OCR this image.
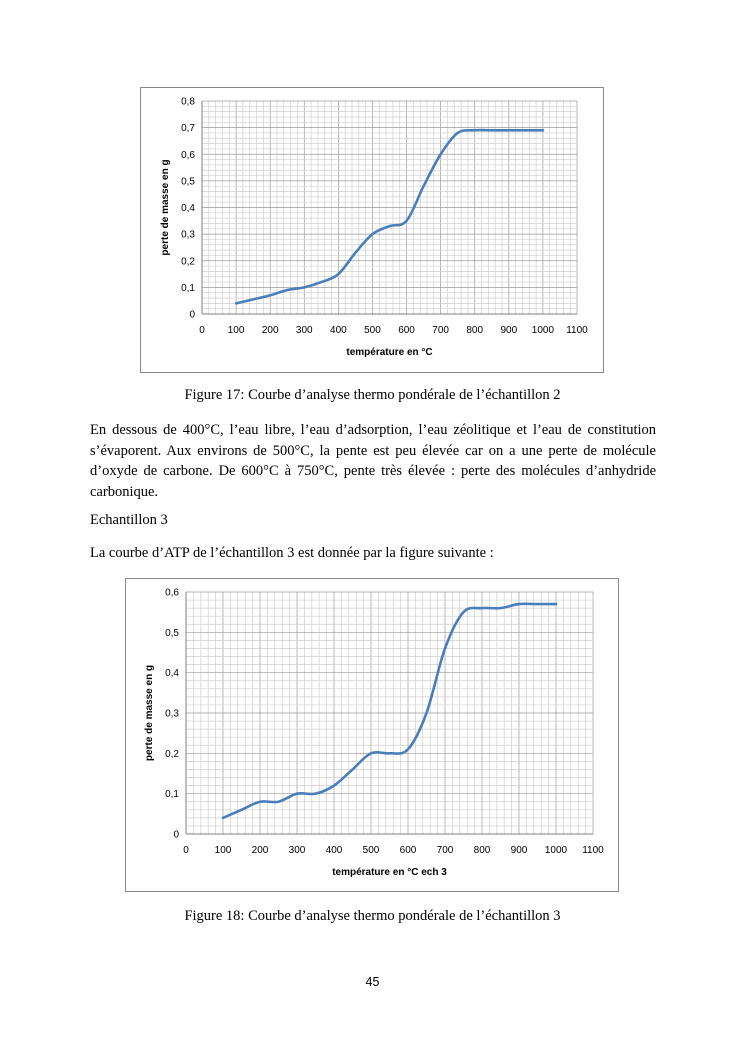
0 100 200 300 400 500 600 700 800 900 1000 1100
0
0,1
0,2
0,3
0,4
0,5
0,6
0,7
0,8
température en °C
perte de masse en g
Figure 17: Courbe d’analyse thermo pondérale de l’échantillon 2

En dessous de 400°C, l’eau libre, l’eau d’adsorption, l’eau zéolitique et l’eau de constitution s’évaporent. Aux environs de 500°C, la pente est peu élevée car on a une perte de molécule d’oxyde de carbone. De 600°C à 750°C, pente très élevée : perte des molécules d’anhydride carbonique.

Echantillon 3
La courbe d’ATP de l’échantillon 3 est donnée par la figure suivante :
0	100 200 300 400 500 600 700 800 900 1000 1100
0
0,1
0,2
0,3
0,4
0,5
0,6
température en °C ech 3
perte de masse en g
Figure 18: Courbe d’analyse thermo pondérale de l’échantillon 3
45
